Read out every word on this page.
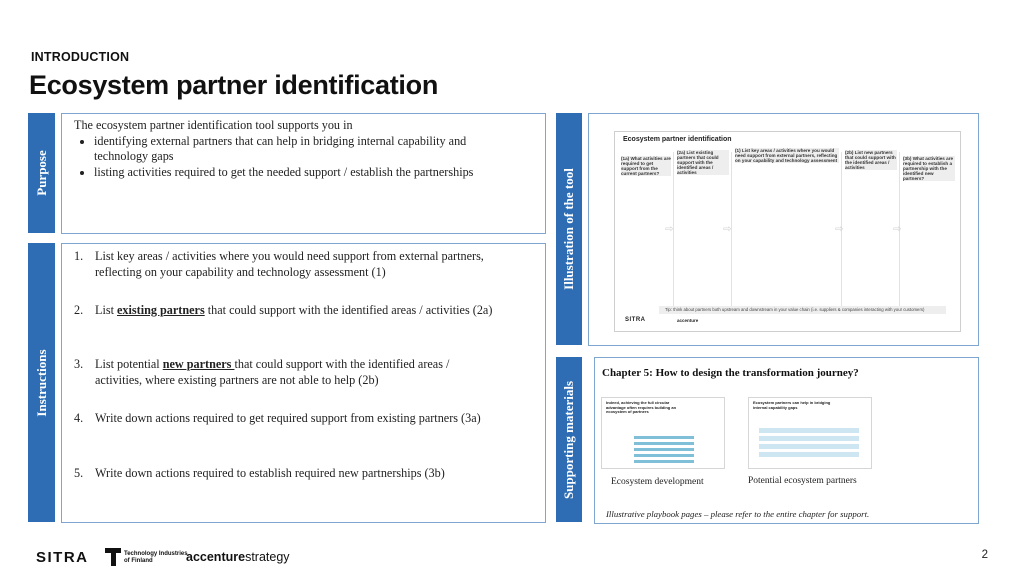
INTRODUCTION
Ecosystem partner identification
Purpose
The ecosystem partner identification tool supports you in
• identifying external partners that can help in bridging internal capability and technology gaps
• listing activities required to get the needed support / establish the partnerships
Instructions
1. List key areas / activities where you would need support from external partners, reflecting on your capability and technology assessment (1)
2. List existing partners that could support with the identified areas / activities (2a)
3. List potential new partners that could support with the identified areas / activities, where existing partners are not able to help (2b)
4. Write down actions required to get required support from existing partners (3a)
5. Write down actions required to establish required new partnerships (3b)
Illustration of the tool
Ecosystem partner identification
(1a) What activities are required to get support from the current partners?
(2a) List existing partners that could support with the identified areas / activities
(1) List key areas / activities where you would need support from external partners, reflecting on your capability and technology assessment
(2b) List new partners that could support with the identified areas / activities
(3b) What activities are required to establish a partnership with the identified new partners?
⇨	⇨	⇨	⇨
Tip: think about partners both upstream and downstream in your value chain (i.e. suppliers & companies interacting with your customers)
SITRA	accenture
Supporting materials
Chapter 5: How to design the transformation journey?
Indeed, achieving the full circular advantage often requires building an ecosystem of partners
Ecosystem partners can help in bridging internal capability gaps
Ecosystem development	Potential ecosystem partners
Illustrative playbook pages – please refer to the entire chapter for support.
SITRA	Technology Industries
of Finland	accenturestrategy	2
